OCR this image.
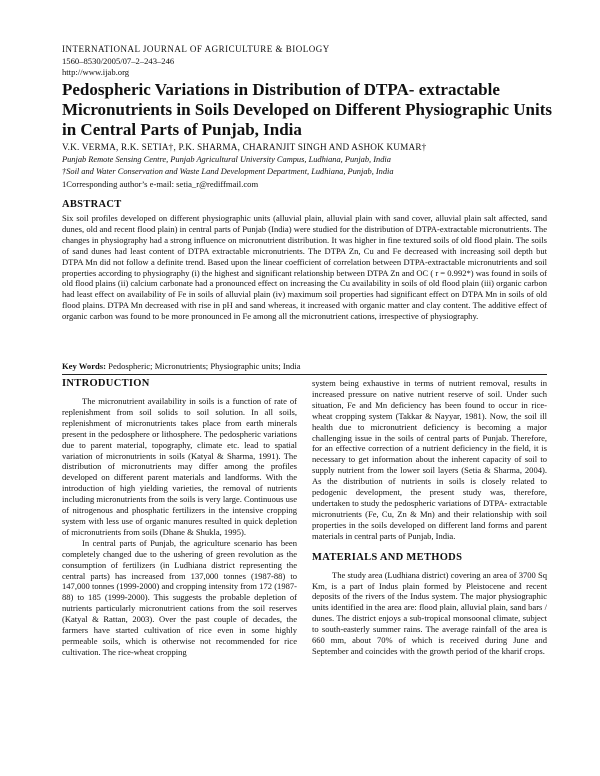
INTERNATIONAL JOURNAL OF AGRICULTURE & BIOLOGY
1560–8530/2005/07–2–243–246
http://www.ijab.org
Pedospheric Variations in Distribution of DTPA- extractable Micronutrients in Soils Developed on Different Physiographic Units in Central Parts of Punjab, India
V.K. VERMA, R.K. SETIA†, P.K. SHARMA, CHARANJIT SINGH AND ASHOK KUMAR†
Punjab Remote Sensing Centre, Punjab Agricultural University Campus, Ludhiana, Punjab, India
†Soil and Water Conservation and Waste Land Development Department, Ludhiana, Punjab, India
1Corresponding author’s e-mail: setia_r@rediffmail.com
ABSTRACT

Six soil profiles developed on different physiographic units (alluvial plain, alluvial plain with sand cover, alluvial plain salt affected, sand dunes, old and recent flood plain) in central parts of Punjab (India) were studied for the distribution of DTPA-extractable micronutrients. The changes in physiography had a strong influence on micronutrient distribution. It was higher in fine textured soils of old flood plain. The soils of sand dunes had least content of DTPA extractable micronutrients. The DTPA Zn, Cu and Fe decreased with increasing soil depth but DTPA Mn did not follow a definite trend. Based upon the linear coefficient of correlation between DTPA-extractable micronutrients and soil properties according to physiography (i) the highest and significant relationship between DTPA Zn and OC ( r = 0.992*) was found in soils of old flood plains (ii) calcium carbonate had a pronounced effect on increasing the Cu availability in soils of old flood plain (iii) organic carbon had least effect on availability of Fe in soils of alluvial plain (iv) maximum soil properties had significant effect on DTPA Mn in soils of old flood plains. DTPA Mn decreased with rise in pH and sand whereas, it increased with organic matter and clay content. The additive effect of organic carbon was found to be more pronounced in Fe among all the micronutrient cations, irrespective of physiography.

Key Words: Pedospheric; Micronutrients; Physiographic units; India
INTRODUCTION

The micronutrient availability in soils is a function of rate of replenishment from soil solids to soil solution. In all soils, replenishment of micronutrients takes place from earth minerals present in the pedosphere or lithosphere. The pedospheric variations due to parent material, topography, climate etc. lead to spatial variation of micronutrients in soils (Katyal & Sharma, 1991). The distribution of micronutrients may differ among the profiles developed on different parent materials and landforms. With the introduction of high yielding varieties, the removal of nutrients including micronutrients from the soils is very large. Continuous use of nitrogenous and phosphatic fertilizers in the intensive cropping system with less use of organic manures resulted in quick depletion of micronutrients from soils (Dhane & Shukla, 1995).

In central parts of Punjab, the agriculture scenario has been completely changed due to the ushering of green revolution as the consumption of fertilizers (in Ludhiana district representing the central parts) has increased from 137,000 tonnes (1987-88) to 147,000 tonnes (1999-2000) and cropping intensity from 172 (1987-88) to 185 (1999-2000). This suggests the probable depletion of nutrients particularly micronutrient cations from the soil reserves (Katyal & Rattan, 2003). Over the past couple of decades, the farmers have started cultivation of rice even in some highly permeable soils, which is otherwise not recommended for rice cultivation. The rice-wheat cropping

system being exhaustive in terms of nutrient removal, results in increased pressure on native nutrient reserve of soil. Under such situation, Fe and Mn deficiency has been found to occur in rice-wheat cropping system (Takkar & Nayyar, 1981). Now, the soil ill health due to micronutrient deficiency is becoming a major challenging issue in the soils of central parts of Punjab. Therefore, for an effective correction of a nutrient deficiency in the field, it is necessary to get information about the inherent capacity of soil to supply nutrient from the lower soil layers (Setia & Sharma, 2004). As the distribution of nutrients in soils is closely related to pedogenic development, the present study was, therefore, undertaken to study the pedospheric variations of DTPA- extractable micronutrients (Fe, Cu, Zn & Mn) and their relationship with soil properties in the soils developed on different land forms and parent materials in central parts of Punjab, India.

MATERIALS AND METHODS

The study area (Ludhiana district) covering an area of 3700 Sq Km, is a part of Indus plain formed by Pleistocene and recent deposits of the rivers of the Indus system. The major physiographic units identified in the area are: flood plain, alluvial plain, sand bars / dunes. The district enjoys a sub-tropical monsoonal climate, subject to south-easterly summer rains. The average rainfall of the area is 660 mm, about 70% of which is received during June and September and coincides with the growth period of the kharif crops.
